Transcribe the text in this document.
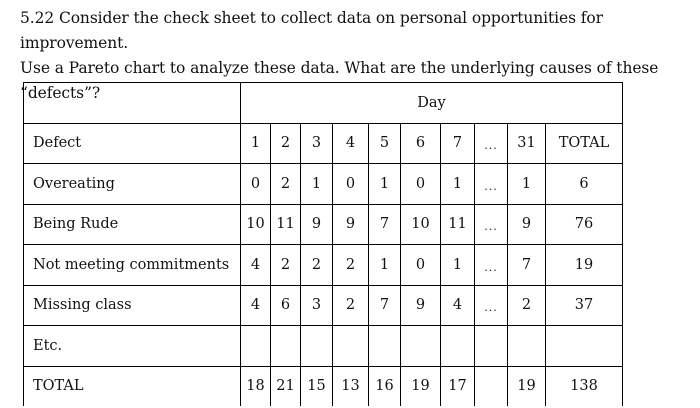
5.22 Consider the check sheet to collect data on personal opportunities for improvement.

Use a Pareto chart to analyze these data. What are the underlying causes of these “defects”?

	Day									
Defect	1	2	3	4	5	6	7	...	31	TOTAL
Overeating	0	2	1	0	1	0	1	...	1	6
Being Rude	10	11	9	9	7	10	11	...	9	76
Not meeting commitments	4	2	2	2	1	0	1	...	7	19
Missing class	4	6	3	2	7	9	4	...	2	37
Etc.										
TOTAL	18	21	15	13	16	19	17		19	138
